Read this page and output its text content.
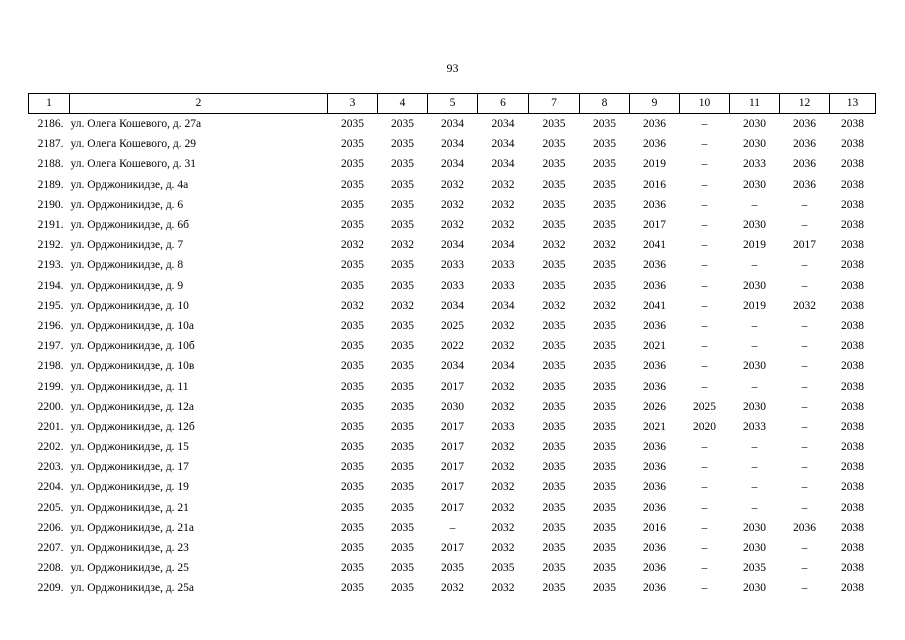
93
1	2	3	4	5	6	7	8	9	10	11	12	13
2186.	ул. Олега Кошевого, д. 27а	2035	2035	2034	2034	2035	2035	2036	–	2030	2036	2038
2187.	ул. Олега Кошевого, д. 29	2035	2035	2034	2034	2035	2035	2036	–	2030	2036	2038
2188.	ул. Олега Кошевого, д. 31	2035	2035	2034	2034	2035	2035	2019	–	2033	2036	2038
2189.	ул. Орджоникидзе, д. 4а	2035	2035	2032	2032	2035	2035	2016	–	2030	2036	2038
2190.	ул. Орджоникидзе, д. 6	2035	2035	2032	2032	2035	2035	2036	–	–	–	2038
2191.	ул. Орджоникидзе, д. 6б	2035	2035	2032	2032	2035	2035	2017	–	2030	–	2038
2192.	ул. Орджоникидзе, д. 7	2032	2032	2034	2034	2032	2032	2041	–	2019	2017	2038
2193.	ул. Орджоникидзе, д. 8	2035	2035	2033	2033	2035	2035	2036	–	–	–	2038
2194.	ул. Орджоникидзе, д. 9	2035	2035	2033	2033	2035	2035	2036	–	2030	–	2038
2195.	ул. Орджоникидзе, д. 10	2032	2032	2034	2034	2032	2032	2041	–	2019	2032	2038
2196.	ул. Орджоникидзе, д. 10а	2035	2035	2025	2032	2035	2035	2036	–	–	–	2038
2197.	ул. Орджоникидзе, д. 10б	2035	2035	2022	2032	2035	2035	2021	–	–	–	2038
2198.	ул. Орджоникидзе, д. 10в	2035	2035	2034	2034	2035	2035	2036	–	2030	–	2038
2199.	ул. Орджоникидзе, д. 11	2035	2035	2017	2032	2035	2035	2036	–	–	–	2038
2200.	ул. Орджоникидзе, д. 12а	2035	2035	2030	2032	2035	2035	2026	2025	2030	–	2038
2201.	ул. Орджоникидзе, д. 12б	2035	2035	2017	2033	2035	2035	2021	2020	2033	–	2038
2202.	ул. Орджоникидзе, д. 15	2035	2035	2017	2032	2035	2035	2036	–	–	–	2038
2203.	ул. Орджоникидзе, д. 17	2035	2035	2017	2032	2035	2035	2036	–	–	–	2038
2204.	ул. Орджоникидзе, д. 19	2035	2035	2017	2032	2035	2035	2036	–	–	–	2038
2205.	ул. Орджоникидзе, д. 21	2035	2035	2017	2032	2035	2035	2036	–	–	–	2038
2206.	ул. Орджоникидзе, д. 21а	2035	2035	–	2032	2035	2035	2016	–	2030	2036	2038
2207.	ул. Орджоникидзе, д. 23	2035	2035	2017	2032	2035	2035	2036	–	2030	–	2038
2208.	ул. Орджоникидзе, д. 25	2035	2035	2035	2035	2035	2035	2036	–	2035	–	2038
2209.	ул. Орджоникидзе, д. 25а	2035	2035	2032	2032	2035	2035	2036	–	2030	–	2038
